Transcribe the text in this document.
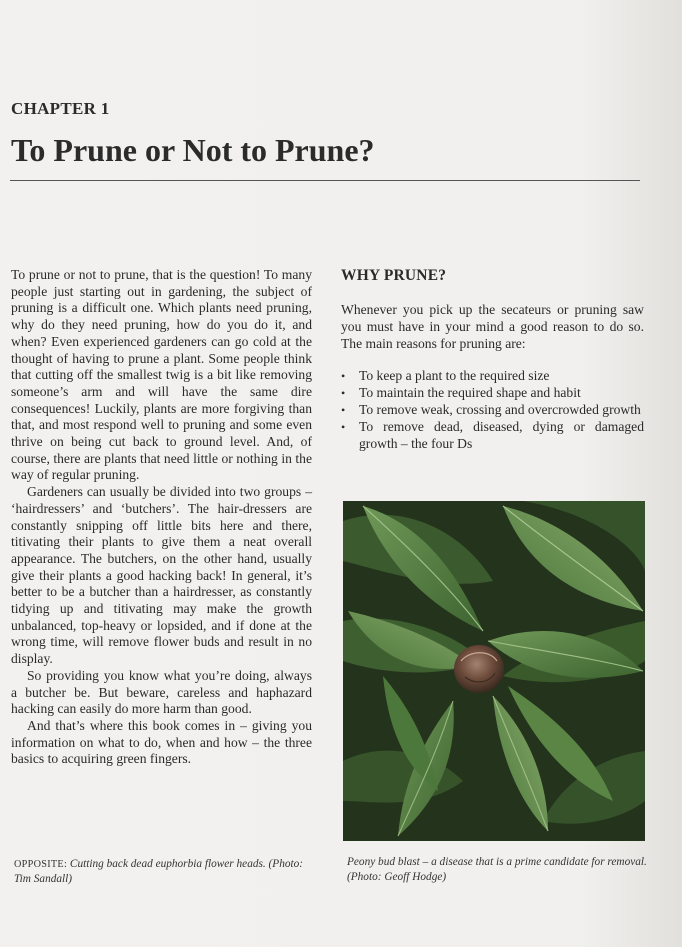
CHAPTER 1
To Prune or Not to Prune?

To prune or not to prune, that is the question! To many people just starting out in gardening, the subject of pruning is a difficult one. Which plants need pruning, why do they need pruning, how do you do it, and when? Even experienced gardeners can go cold at the thought of having to prune a plant. Some people think that cutting off the smallest twig is a bit like removing someone’s arm and will have the same dire consequences! Luckily, plants are more forgiving than that, and most respond well to pruning and some even thrive on being cut back to ground level. And, of course, there are plants that need little or nothing in the way of regular pruning.

Gardeners can usually be divided into two groups – ‘hairdressers’ and ‘butchers’. The hair-dressers are constantly snipping off little bits here and there, titivating their plants to give them a neat overall appearance. The butchers, on the other hand, usually give their plants a good hacking back! In general, it’s better to be a butcher than a hairdresser, as constantly tidying up and titivating may make the growth unbalanced, top-heavy or lopsided, and if done at the wrong time, will remove flower buds and result in no display.

So providing you know what you’re doing, always a butcher be. But beware, careless and haphazard hacking can easily do more harm than good.

And that’s where this book comes in – giving you information on what to do, when and how – the three basics to acquiring green fingers.

WHY PRUNE?

Whenever you pick up the secateurs or pruning saw you must have in your mind a good reason to do so. The main reasons for pruning are:

• To keep a plant to the required size
• To maintain the required shape and habit
• To remove weak, crossing and overcrowded growth
• To remove dead, diseased, dying or damaged growth – the four Ds
OPPOSITE: Cutting back dead euphorbia flower heads. (Photo: Tim Sandall)
Peony bud blast – a disease that is a prime candidate for removal. (Photo: Geoff Hodge)
